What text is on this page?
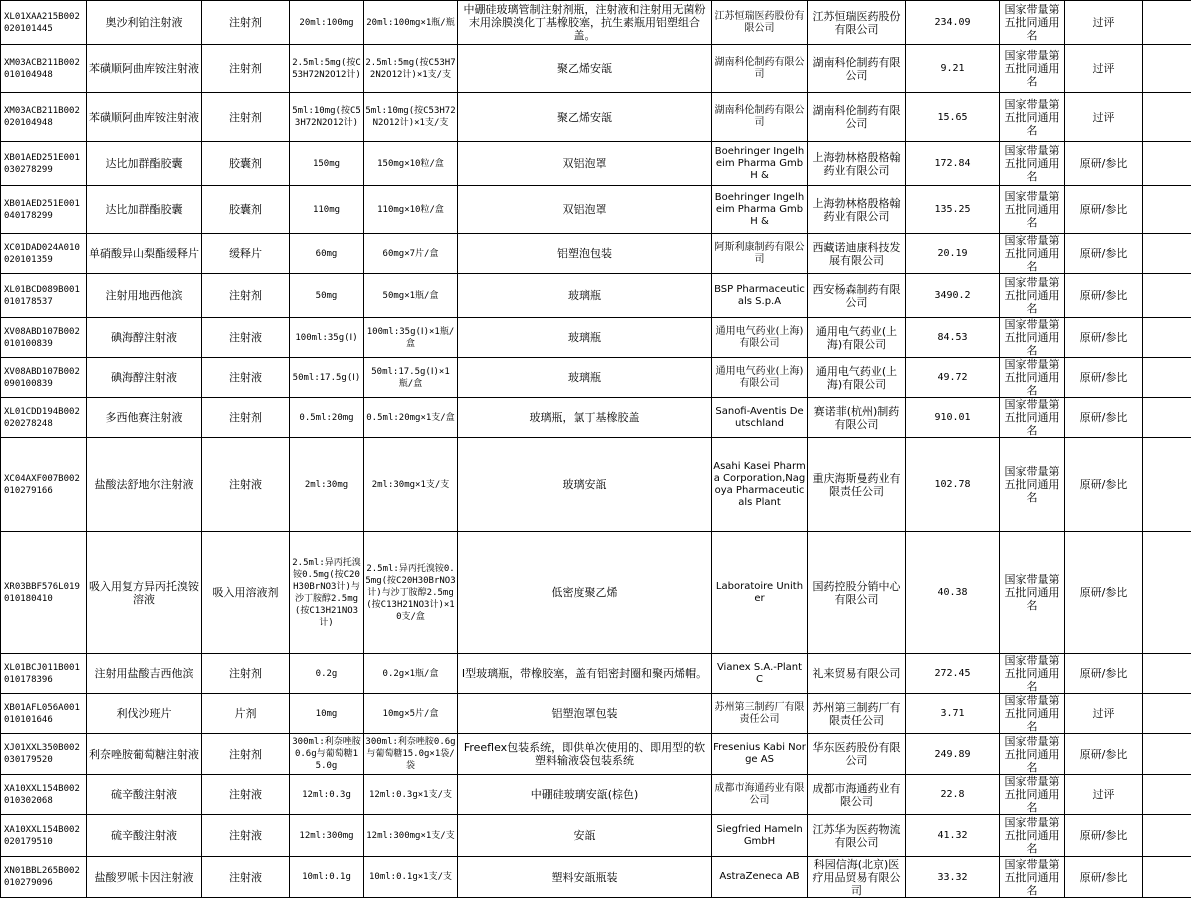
XL01XAA215B002020101445	奥沙利铂注射液	注射剂	20ml:100mg	20ml:100mg×1瓶/瓶	中硼硅玻璃管制注射剂瓶，注射液和注射用无菌粉末用涂膜溴化丁基橡胶塞，抗生素瓶用铝塑组合盖。	江苏恒瑞医药股份有限公司	江苏恒瑞医药股份有限公司	234.09	国家带量第五批同通用名	过评	
XM03ACB211B002010104948	苯磺顺阿曲库铵注射液	注射剂	2.5ml:5mg(按C53H72N2O12计)	2.5ml:5mg(按C53H72N2O12计)×1支/支	聚乙烯安瓿	湖南科伦制药有限公司	湖南科伦制药有限公司	9.21	国家带量第五批同通用名	过评	
XM03ACB211B002020104948	苯磺顺阿曲库铵注射液	注射剂	5ml:10mg(按C53H72N2O12计)	5ml:10mg(按C53H72N2O12计)×1支/支	聚乙烯安瓿	湖南科伦制药有限公司	湖南科伦制药有限公司	15.65	国家带量第五批同通用名	过评	
XB01AED251E001030278299	达比加群酯胶囊	胶囊剂	150mg	150mg×10粒/盒	双铝泡罩	Boehringer Ingelheim Pharma GmbH &	上海勃林格殷格翰药业有限公司	172.84	国家带量第五批同通用名	原研/参比	
XB01AED251E001040178299	达比加群酯胶囊	胶囊剂	110mg	110mg×10粒/盒	双铝泡罩	Boehringer Ingelheim Pharma GmbH &	上海勃林格殷格翰药业有限公司	135.25	国家带量第五批同通用名	原研/参比	
XC01DAD024A010020101359	单硝酸异山梨酯缓释片	缓释片	60mg	60mg×7片/盒	铝塑泡包装	阿斯利康制药有限公司	西藏诺迪康科技发展有限公司	20.19	国家带量第五批同通用名	原研/参比	
XL01BCD089B001010178537	注射用地西他滨	注射剂	50mg	50mg×1瓶/盒	玻璃瓶	BSP Pharmaceuticals S.p.A	西安杨森制药有限公司	3490.2	国家带量第五批同通用名	原研/参比	
XV08ABD107B002010100839	碘海醇注射液	注射液	100ml:35g(Ⅰ)	100ml:35g(Ⅰ)×1瓶/盒	玻璃瓶	通用电气药业(上海)有限公司	通用电气药业(上海)有限公司	84.53	国家带量第五批同通用名	原研/参比	
XV08ABD107B002090100839	碘海醇注射液	注射液	50ml:17.5g(Ⅰ)	50ml:17.5g(Ⅰ)×1瓶/盒	玻璃瓶	通用电气药业(上海)有限公司	通用电气药业(上海)有限公司	49.72	国家带量第五批同通用名	原研/参比	
XL01CDD194B002020278248	多西他赛注射液	注射剂	0.5ml:20mg	0.5ml:20mg×1支/盒	玻璃瓶，氯丁基橡胶盖	Sanofi-Aventis Deutschland	赛诺菲(杭州)制药有限公司	910.01	国家带量第五批同通用名	原研/参比	
XC04AXF007B002010279166	盐酸法舒地尔注射液	注射液	2ml:30mg	2ml:30mg×1支/支	玻璃安瓿	Asahi Kasei Pharma Corporation,Nagoya Pharmaceuticals Plant	重庆海斯曼药业有限责任公司	102.78	国家带量第五批同通用名	原研/参比	
XR03BBF576L019010180410	吸入用复方异丙托溴铵溶液	吸入用溶液剂	2.5ml:异丙托溴铵0.5mg(按C20H30BrNO3计)与沙丁胺醇2.5mg(按C13H21NO3计)	2.5ml:异丙托溴铵0.5mg(按C20H30BrNO3计)与沙丁胺醇2.5mg(按C13H21NO3计)×10支/盒	低密度聚乙烯	Laboratoire Unither	国药控股分销中心有限公司	40.38	国家带量第五批同通用名	原研/参比	
XL01BCJ011B001010178396	注射用盐酸吉西他滨	注射剂	0.2g	0.2g×1瓶/盒	I型玻璃瓶，带橡胶塞，盖有铝密封圈和聚丙烯帽。	Vianex S.A.-Plant C	礼来贸易有限公司	272.45	国家带量第五批同通用名	原研/参比	
XB01AFL056A001010101646	利伐沙班片	片剂	10mg	10mg×5片/盒	铝塑泡罩包装	苏州第三制药厂有限责任公司	苏州第三制药厂有限责任公司	3.71	国家带量第五批同通用名	过评	
XJ01XXL350B002030179520	利奈唑胺葡萄糖注射液	注射剂	300ml:利奈唑胺0.6g与葡萄糖15.0g	300ml:利奈唑胺0.6g与葡萄糖15.0g×1袋/袋	Freeflex包装系统，即供单次使用的、即用型的软塑料输液袋包装系统	Fresenius Kabi Norge AS	华东医药股份有限公司	249.89	国家带量第五批同通用名	原研/参比	
XA10XXL154B002010302068	硫辛酸注射液	注射液	12ml:0.3g	12ml:0.3g×1支/支	中硼硅玻璃安瓿(棕色)	成都市海通药业有限公司	成都市海通药业有限公司	22.8	国家带量第五批同通用名	过评	
XA10XXL154B002020179510	硫辛酸注射液	注射液	12ml:300mg	12ml:300mg×1支/支	安瓿	Siegfried Hameln GmbH	江苏华为医药物流有限公司	41.32	国家带量第五批同通用名	原研/参比	
XN01BBL265B002010279096	盐酸罗哌卡因注射液	注射液	10ml:0.1g	10ml:0.1g×1支/支	塑料安瓿瓶装	AstraZeneca AB	科园信海(北京)医疗用品贸易有限公司	33.32	国家带量第五批同通用名	原研/参比	
